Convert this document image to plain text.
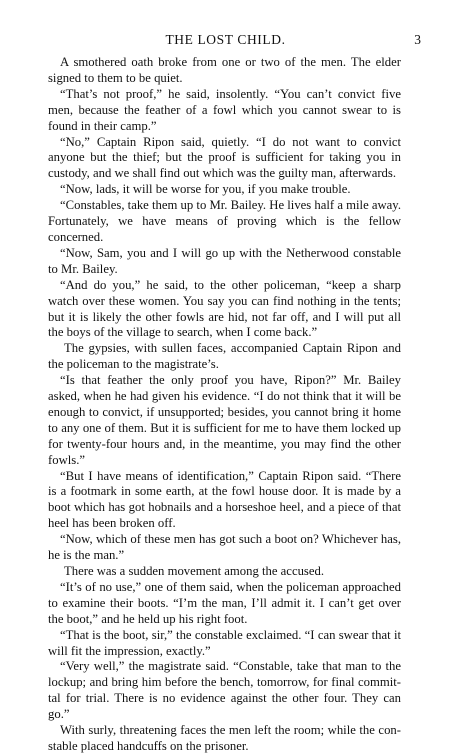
THE LOST CHILD.	3

A smothered oath broke from one or two of the men. The elder signed to them to be quiet.

“That’s not proof,” he said, insolently. “You can’t convict five men, because the feather of a fowl which you cannot swear to is found in their camp.”

“No,” Captain Ripon said, quietly. “I do not want to convict anyone but the thief; but the proof is sufficient for taking you in custody, and we shall find out which was the guilty man, afterwards.

“Now, lads, it will be worse for you, if you make trouble.

“Constables, take them up to Mr. Bailey. He lives half a mile away. Fortunately, we have means of proving which is the fellow concerned.

“Now, Sam, you and I will go up with the Netherwood constable to Mr. Bailey.

“And do you,” he said, to the other policeman, “keep a sharp watch over these women. You say you can find nothing in the tents; but it is likely the other fowls are hid, not far off, and I will put all the boys of the village to search, when I come back.”

The gypsies, with sullen faces, accompanied Captain Ripon and the policeman to the magistrate’s.

“Is that feather the only proof you have, Ripon?” Mr. Bailey asked, when he had given his evidence. “I do not think that it will be enough to convict, if unsupported; besides, you cannot bring it home to any one of them. But it is sufficient for me to have them locked up for twenty-four hours and, in the meantime, you may find the other fowls.”

“But I have means of identification,” Captain Ripon said. “There is a footmark in some earth, at the fowl house door. It is made by a boot which has got hobnails and a horseshoe heel, and a piece of that heel has been broken off.

“Now, which of these men has got such a boot on? Whichever has, he is the man.”

There was a sudden movement among the accused.

“It’s of no use,” one of them said, when the policeman approached to examine their boots. “I’m the man, I’ll admit it. I can’t get over the boot,” and he held up his right foot.

“That is the boot, sir,” the constable exclaimed. “I can swear that it will fit the impression, exactly.”

“Very well,” the magistrate said. “Constable, take that man to the lockup; and bring him before the bench, tomorrow, for final committal for trial. There is no evidence against the other four. They can go.”

With surly, threatening faces the men left the room; while the constable placed handcuffs on the prisoner.
